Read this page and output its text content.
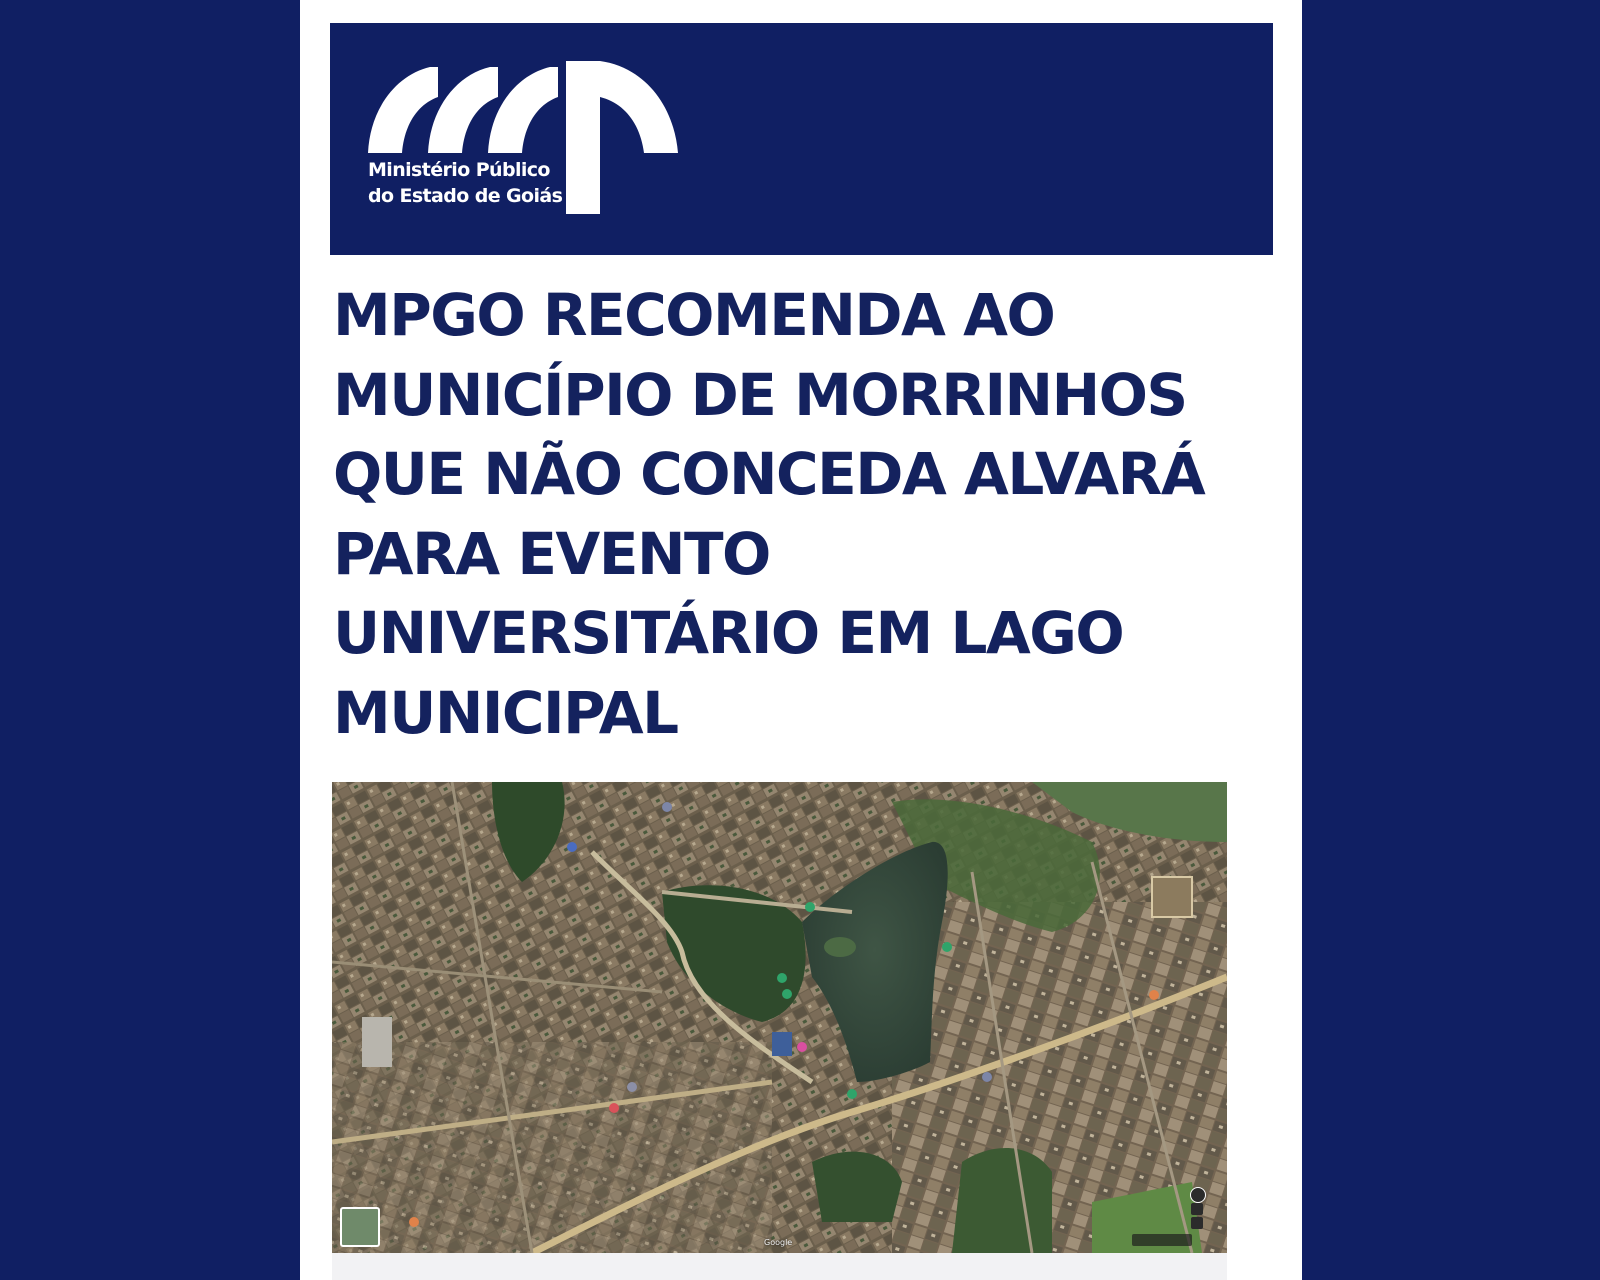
Ministério Público
do Estado de Goiás
MPGO RECOMENDA AO
MUNICÍPIO DE MORRINHOS
QUE NÃO CONCEDA ALVARÁ
PARA EVENTO
UNIVERSITÁRIO EM LAGO
MUNICIPAL
Google
